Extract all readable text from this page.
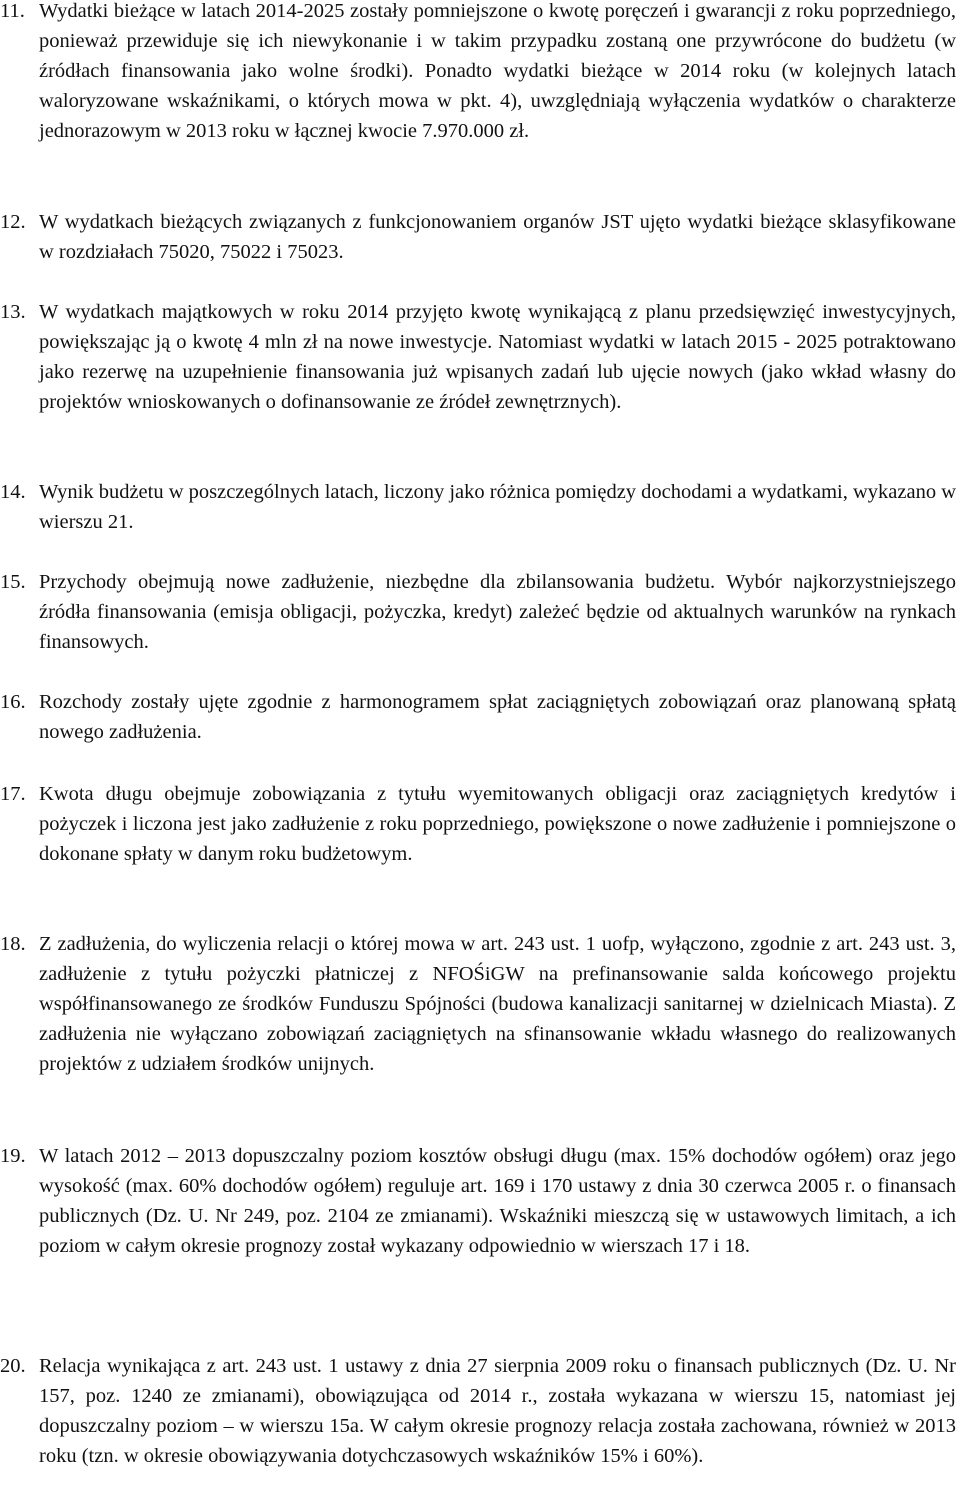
11. Wydatki bieżące w latach 2014-2025 zostały pomniejszone o kwotę poręczeń i gwarancji z roku poprzedniego, ponieważ przewiduje się ich niewykonanie i w takim przypadku zostaną one przywrócone do budżetu (w źródłach finansowania jako wolne środki). Ponadto wydatki bieżące w 2014 roku (w kolejnych latach waloryzowane wskaźnikami, o których mowa w pkt. 4), uwzględniają wyłączenia wydatków o charakterze jednorazowym w 2013 roku w łącznej kwocie 7.970.000 zł.
12. W wydatkach bieżących związanych z funkcjonowaniem organów JST ujęto wydatki bieżące sklasyfikowane w rozdziałach 75020, 75022 i 75023.
13. W wydatkach majątkowych w roku 2014 przyjęto kwotę wynikającą z planu przedsięwzięć inwestycyjnych, powiększając ją o kwotę 4 mln zł na nowe inwestycje. Natomiast wydatki w latach 2015 - 2025 potraktowano jako rezerwę na uzupełnienie finansowania już wpisanych zadań lub ujęcie nowych (jako wkład własny do projektów wnioskowanych o dofinansowanie ze źródeł zewnętrznych).
14. Wynik budżetu w poszczególnych latach, liczony jako różnica pomiędzy dochodami a wydatkami, wykazano w wierszu 21.
15. Przychody obejmują nowe zadłużenie, niezbędne dla zbilansowania budżetu. Wybór najkorzystniejszego źródła finansowania (emisja obligacji, pożyczka, kredyt) zależeć będzie od aktualnych warunków na rynkach finansowych.
16. Rozchody zostały ujęte zgodnie z harmonogramem spłat zaciągniętych zobowiązań oraz planowaną spłatą nowego zadłużenia.
17. Kwota długu obejmuje zobowiązania z tytułu wyemitowanych obligacji oraz zaciągniętych kredytów i pożyczek i liczona jest jako zadłużenie z roku poprzedniego, powiększone o nowe zadłużenie i pomniejszone o dokonane spłaty w danym roku budżetowym.
18. Z zadłużenia, do wyliczenia relacji o której mowa w art. 243 ust. 1 uofp, wyłączono, zgodnie z art. 243 ust. 3, zadłużenie z tytułu pożyczki płatniczej z NFOŚiGW na prefinansowanie salda końcowego projektu współfinansowanego ze środków Funduszu Spójności (budowa kanalizacji sanitarnej w dzielnicach Miasta). Z zadłużenia nie wyłączano zobowiązań zaciągniętych na sfinansowanie wkładu własnego do realizowanych projektów z udziałem środków unijnych.
19. W latach 2012 – 2013 dopuszczalny poziom kosztów obsługi długu (max. 15% dochodów ogółem) oraz jego wysokość (max. 60% dochodów ogółem) reguluje art. 169 i 170 ustawy z dnia 30 czerwca 2005 r. o finansach publicznych (Dz. U. Nr 249, poz. 2104 ze zmianami). Wskaźniki mieszczą się w ustawowych limitach, a ich poziom w całym okresie prognozy został wykazany odpowiednio w wierszach 17 i 18.
20. Relacja wynikająca z art. 243 ust. 1 ustawy z dnia 27 sierpnia 2009 roku o finansach publicznych (Dz. U. Nr 157, poz. 1240 ze zmianami), obowiązująca od 2014 r., została wykazana w wierszu 15, natomiast jej dopuszczalny poziom – w wierszu 15a. W całym okresie prognozy relacja została zachowana, również w 2013 roku (tzn. w okresie obowiązywania dotychczasowych wskaźników 15% i 60%).
